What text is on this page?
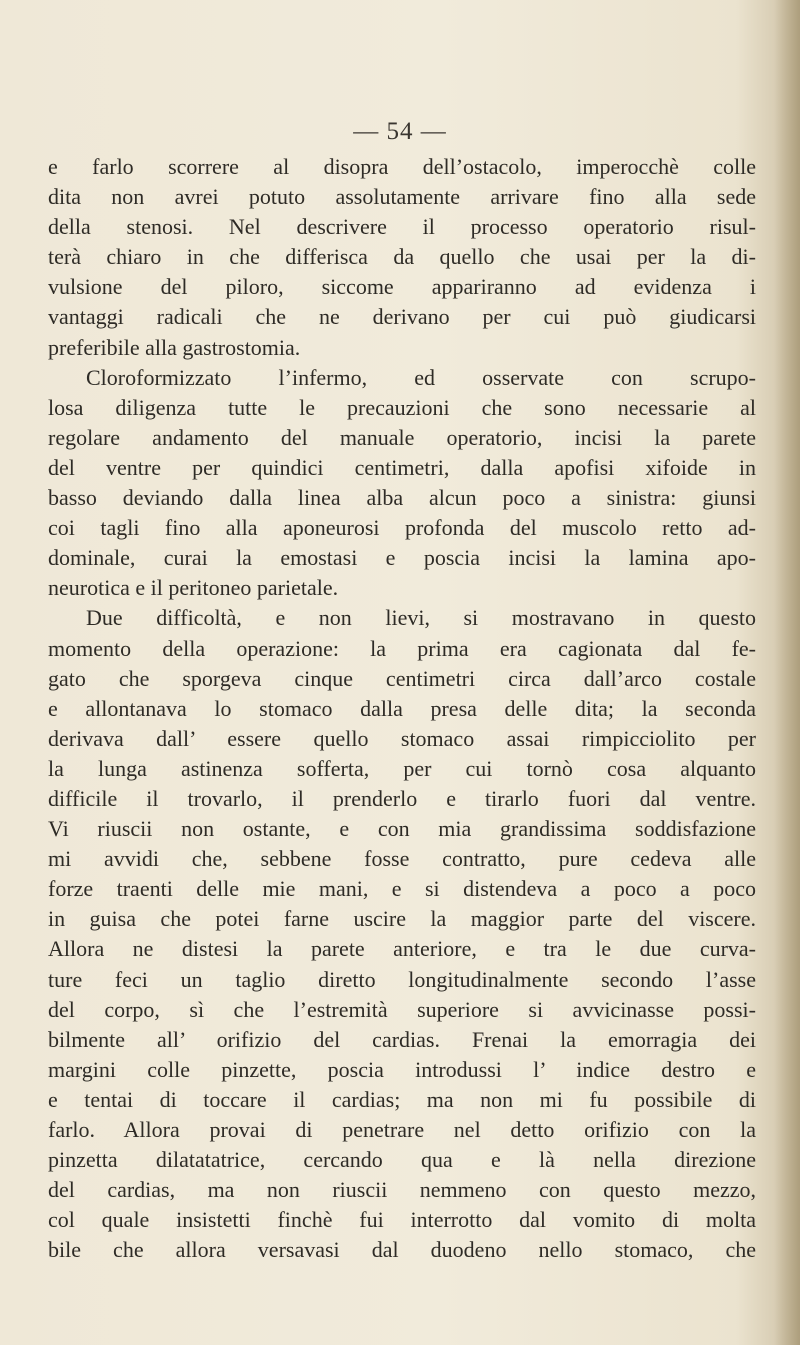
— 54 —
e farlo scorrere al disopra dell’ostacolo, imperocchè colle
dita non avrei potuto assolutamente arrivare fino alla sede
della stenosi. Nel descrivere il processo operatorio risul-
terà chiaro in che differisca da quello che usai per la di-
vulsione del piloro, siccome appariranno ad evidenza i
vantaggi radicali che ne derivano per cui può giudicarsi
preferibile alla gastrostomia.
Cloroformizzato l’infermo, ed osservate con scrupo-
losa diligenza tutte le precauzioni che sono necessarie al
regolare andamento del manuale operatorio, incisi la parete
del ventre per quindici centimetri, dalla apofisi xifoide in
basso deviando dalla linea alba alcun poco a sinistra: giunsi
coi tagli fino alla aponeurosi profonda del muscolo retto ad-
dominale, curai la emostasi e poscia incisi la lamina apo-
neurotica e il peritoneo parietale.
Due difficoltà, e non lievi, si mostravano in questo
momento della operazione: la prima era cagionata dal fe-
gato che sporgeva cinque centimetri circa dall’arco costale
e allontanava lo stomaco dalla presa delle dita; la seconda
derivava dall’ essere quello stomaco assai rimpicciolito per
la lunga astinenza sofferta, per cui tornò cosa alquanto
difficile il trovarlo, il prenderlo e tirarlo fuori dal ventre.
Vi riuscii non ostante, e con mia grandissima soddisfazione
mi avvidi che, sebbene fosse contratto, pure cedeva alle
forze traenti delle mie mani, e si distendeva a poco a poco
in guisa che potei farne uscire la maggior parte del viscere.
Allora ne distesi la parete anteriore, e tra le due curva-
ture feci un taglio diretto longitudinalmente secondo l’asse
del corpo, sì che l’estremità superiore si avvicinasse possi-
bilmente all’ orifizio del cardias. Frenai la emorragia dei
margini colle pinzette, poscia introdussi l’ indice destro e
e tentai di toccare il cardias; ma non mi fu possibile di
farlo. Allora provai di penetrare nel detto orifizio con la
pinzetta dilatatatrice, cercando qua e là nella direzione
del cardias, ma non riuscii nemmeno con questo mezzo,
col quale insistetti finchè fui interrotto dal vomito di molta
bile che allora versavasi dal duodeno nello stomaco, che
